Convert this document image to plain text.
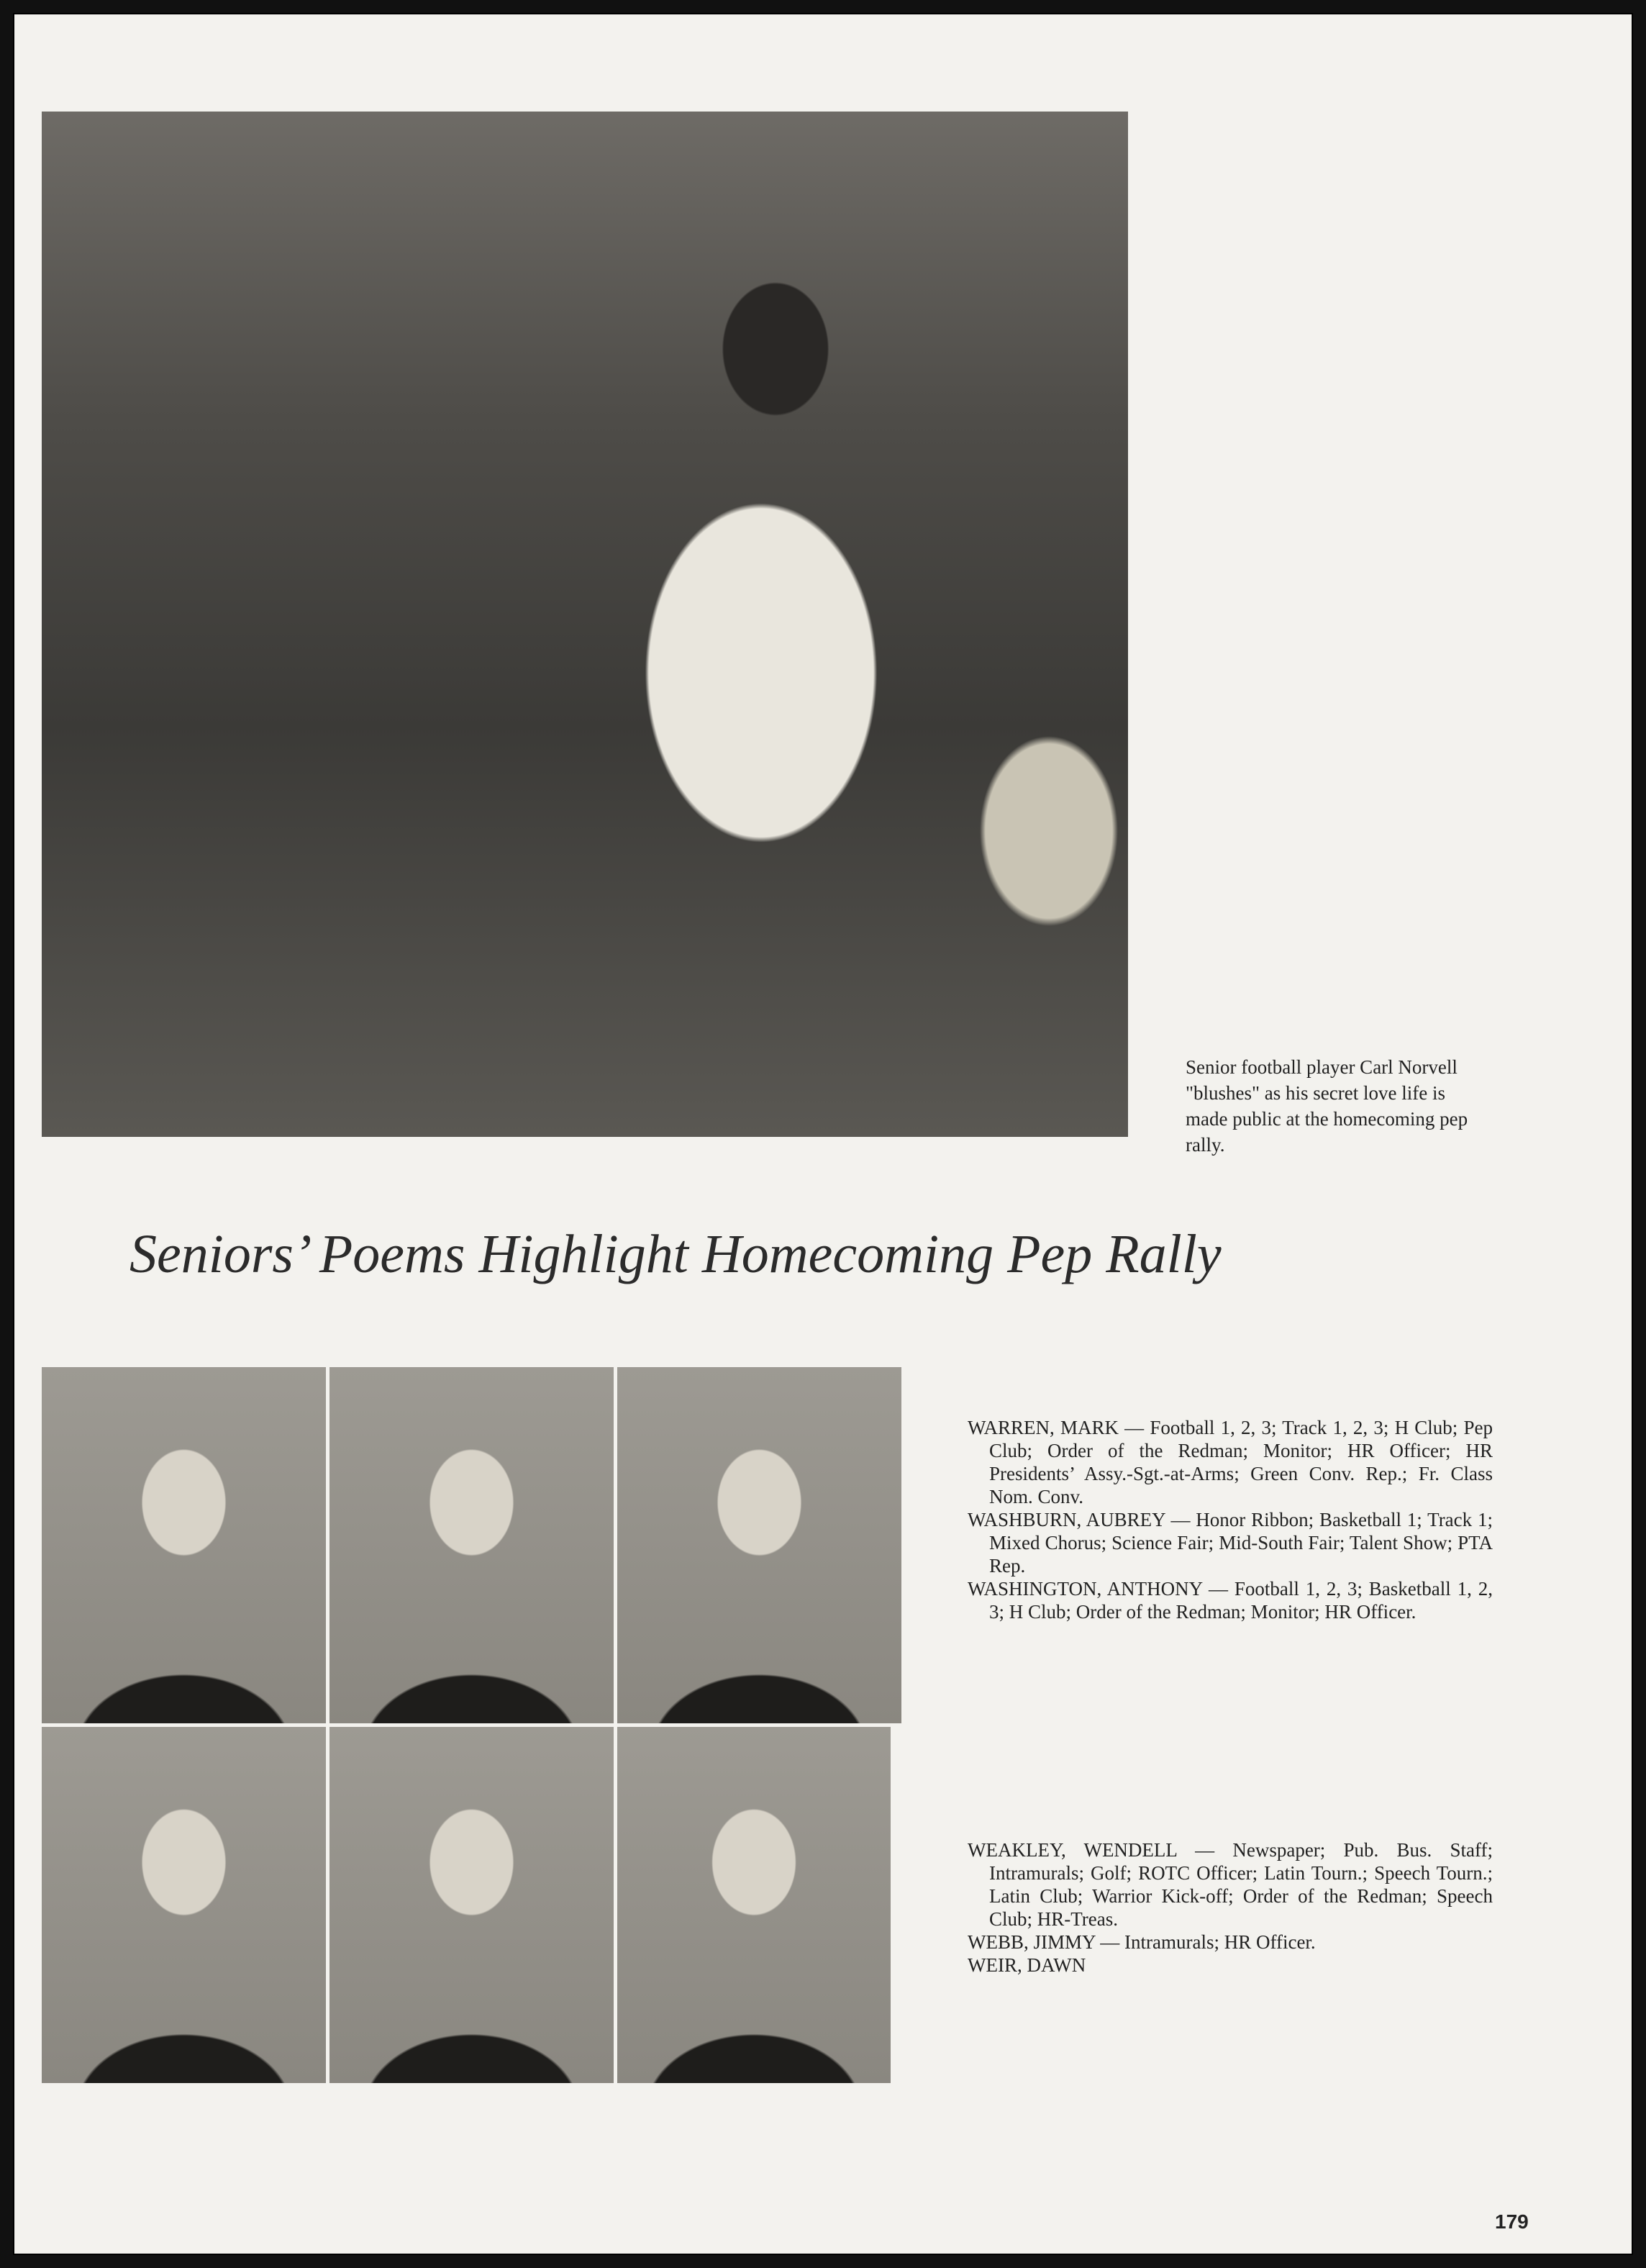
Senior football player Carl Norvell "blushes" as his secret love life is made public at the homecoming pep rally.
Seniors’ Poems Highlight Homecoming Pep Rally

WARREN, MARK — Football 1, 2, 3; Track 1, 2, 3; H Club; Pep Club; Order of the Redman; Monitor; HR Officer; HR Presidents’ Assy.-Sgt.-at-Arms; Green Conv. Rep.; Fr. Class Nom. Conv.

WASHBURN, AUBREY — Honor Ribbon; Basketball 1; Track 1; Mixed Chorus; Science Fair; Mid-South Fair; Talent Show; PTA Rep.

WASHINGTON, ANTHONY — Football 1, 2, 3; Basketball 1, 2, 3; H Club; Order of the Redman; Monitor; HR Officer.

WEAKLEY, WENDELL — Newspaper; Pub. Bus. Staff; Intramurals; Golf; ROTC Officer; Latin Tourn.; Speech Tourn.; Latin Club; Warrior Kick-off; Order of the Redman; Speech Club; HR-Treas.

WEBB, JIMMY — Intramurals; HR Officer.

WEIR, DAWN

179
